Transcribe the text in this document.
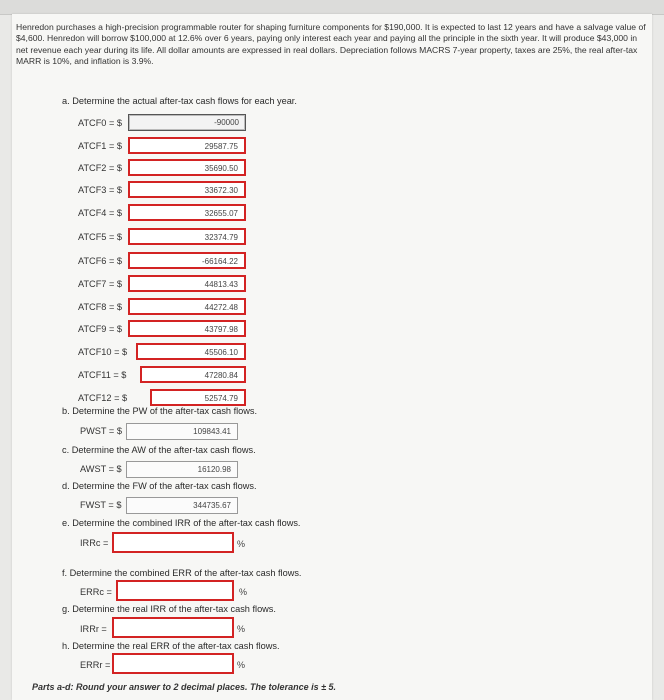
Henredon purchases a high-precision programmable router for shaping furniture components for $190,000. It is expected to last 12 years and have a salvage value of $4,600. Henredon will borrow $100,000 at 12.6% over 6 years, paying only interest each year and paying all the principle in the sixth year. It will produce $43,000 in net revenue each year during its life. All dollar amounts are expressed in real dollars. Depreciation follows MACRS 7-year property, taxes are 25%, the real after-tax MARR is 10%, and inflation is 3.9%.
a. Determine the actual after-tax cash flows for each year.
ATCF0 = $	-90000
ATCF1 = $	29587.75
ATCF2 = $	35690.50
ATCF3 = $	33672.30
ATCF4 = $	32655.07
ATCF5 = $	32374.79
ATCF6 = $	-66164.22
ATCF7 = $	44813.43
ATCF8 = $	44272.48
ATCF9 = $	43797.98
ATCF10 = $	45506.10
ATCF11 = $	47280.84
ATCF12 = $	52574.79
b. Determine the PW of the after-tax cash flows.
PWST = $	109843.41
c. Determine the AW of the after-tax cash flows.
AWST = $	16120.98
d. Determine the FW of the after-tax cash flows.
FWST = $	344735.67
e. Determine the combined IRR of the after-tax cash flows.
IRRc =	%
f. Determine the combined ERR of the after-tax cash flows.
ERRc =	%
g. Determine the real IRR of the after-tax cash flows.
IRRr =	%
h. Determine the real ERR of the after-tax cash flows.
ERRr =	%
Parts a-d: Round your answer to 2 decimal places. The tolerance is ± 5.
